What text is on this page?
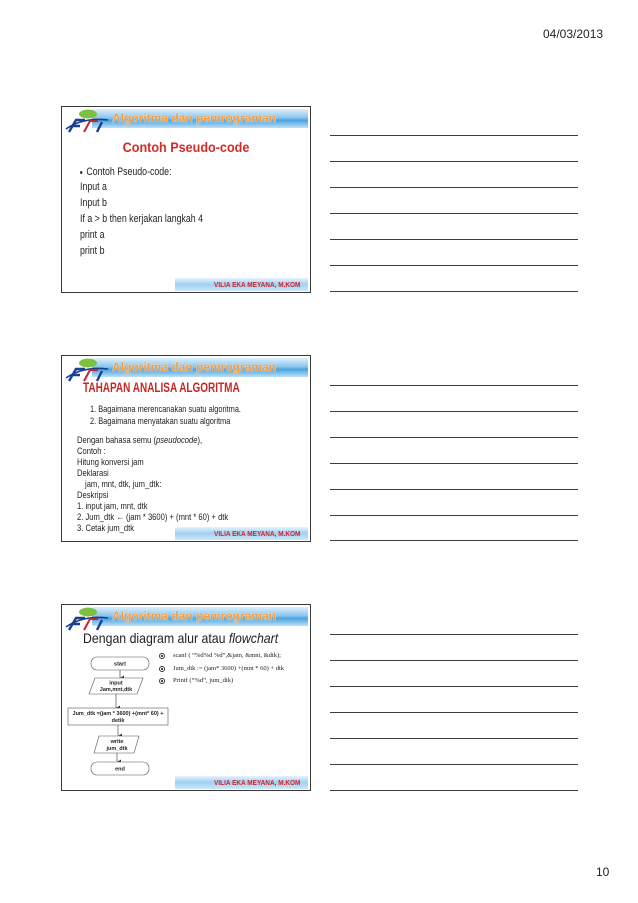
04/03/2013
Algoritma dan pemrograman
Contoh Pseudo-code
Contoh Pseudo-code:
Input a
Input b
If a > b then kerjakan langkah 4
print a
print b
VILIA EKA MEYANA, M.KOM
Algoritma dan pemrograman
TAHAPAN ANALISA ALGORITMA
1. Bagaimana merencanakan suatu algoritma.
2. Bagaimana menyatakan suatu algoritma
Dengan bahasa semu (pseudocode),
Contoh :
Hitung konversi jam
Deklarasi
jam, mnt, dtk, jum_dtk:
Deskripsi
1. input jam, mnt, dtk
2. Jum_dtk ← (jam * 3600) + (mnt * 60) + dtk
3. Cetak jum_dtk	VILIA EKA MEYANA, M.KOM
Algoritma dan pemrograman
Dengan diagram alur atau flowchart
start
input
Jam,mnt,dtk
Jum_dtk =(jam * 3600) +(mnt* 60) +
detik
write
jum_dtk
end
scanf ( “%d%d %d”,&jam, &mnt, &dtk);
Jum_dtk := (jam* 3600) +(mnt * 60) + dtk
Printf (“%d”, jum_dtk)
VILIA EKA MEYANA, M.KOM
10
